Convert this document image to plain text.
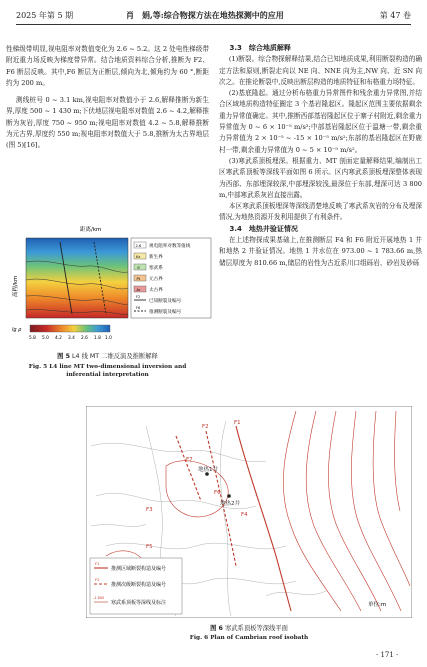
2025 年第 5 期	肖　娟,等:综合物探方法在地热探测中的应用	第 47 卷

性梯级带明显,视电阻率对数值变化为 2.6 ~ 5.2。这 2 处电性梯级带附近重力场反映为梯度带异常。结合地质资料综合分析,推断为 F2、F6 断层反映。其中,F6 断层为正断层,倾向为北,倾角约为 60 °,断距约为 200 m。

测线桩号 0 ~ 3.1 km,视电阻率对数值小于 2.6,解释推断为新生界,厚度 500 ~ 1 430 m;下伏地层视电阻率对数值 2.6 ~ 4.2,解释推断为灰岩,厚度 750 ~ 950 m;视电阻率对数值 4.2 ~ 5.8,解释推断为元古界,厚度约 550 m;视电阻率对数值大于 5.8,推断为太古界地层(图 5)[16]。

距离/km
高程/km
2.6 视电阻率对数等值线
Kz 新生界
∈ 寒武系
Pt 元古界
Ar 太古界
F2
已知断裂及编号
F6
推测断裂及编号
lg ρ
5.8 5.0 4.2 3.4 2.6 1.8 1.0
图 5 L4 线 MT 二维反演及推断解释
Fig. 5 L4 line MT two-dimensional inversion and inferential interpretation

3.3　综合地质解释

(1)断裂。综合物探解释结果,结合已知地质成果,利用断裂构造的确定方法和原则,断裂走向以 NE 向、NNE 向为主,NW 向、近 SN 向次之。在推论断裂中,反映出断层构造的地质特征和布格重力场特征。

(2)基底隆起。通过分析布格重力异常图件和残余重力异常图,并结合区域地质构造特征圈定 3 个基岩隆起区。隆起区范围主要依据剩余重力异常值确定。其中,推断西部基岩隆起区位于寨子村附近,剩余重力异常值为 0 ~ 6 × 10⁻⁵ m/s²;中部基岩隆起区位于温塘一带,剩余重力异常值为 2 × 10⁻⁵ ~ -15 × 10⁻⁵ m/s²;东部的基岩隆起区在野鹿村一带,剩余重力异常值为 0 ~ 5 × 10⁻⁵ m/s²。

(3)寒武系顶板埋深。根据重力、MT 剖面定量解释结果,编制出工区寒武系顶板等深线平面如图 6 所示。区内寒武系顶板埋深整体表现为西部、东部埋深较深,中部埋深较浅,最深位于东部,埋深可达 3 800 m,中部寒武系灰岩直接出露。

本区寒武系顶板埋深等深线清楚地反映了寒武系灰岩的分布及埋深情况,为地热资源开发利用提供了有利条件。

3.4　地热井验证情况

在上述物探成果基础上,在推测断层 F4 和 F6 附近开展地热 1 井和地热 2 井验证情况。地热 1 井水位在 973.00 ~ 1 783.66 m,热储层厚度为 810.66 m,储层的岩性为古近系川口组砾岩、砂岩及砂砾

地热1井
地热2井
F1
F2
F3
F4
F5
F6
F7
F1
推测区域断裂构造及编号
F2
推测次级断裂构造及编号
-1 800
寒武系顶板等深线及标注	单位:m
图 6 寒武系顶板等深线平面
Fig. 6 Plan of Cambrian roof isobath
· 171 ·
